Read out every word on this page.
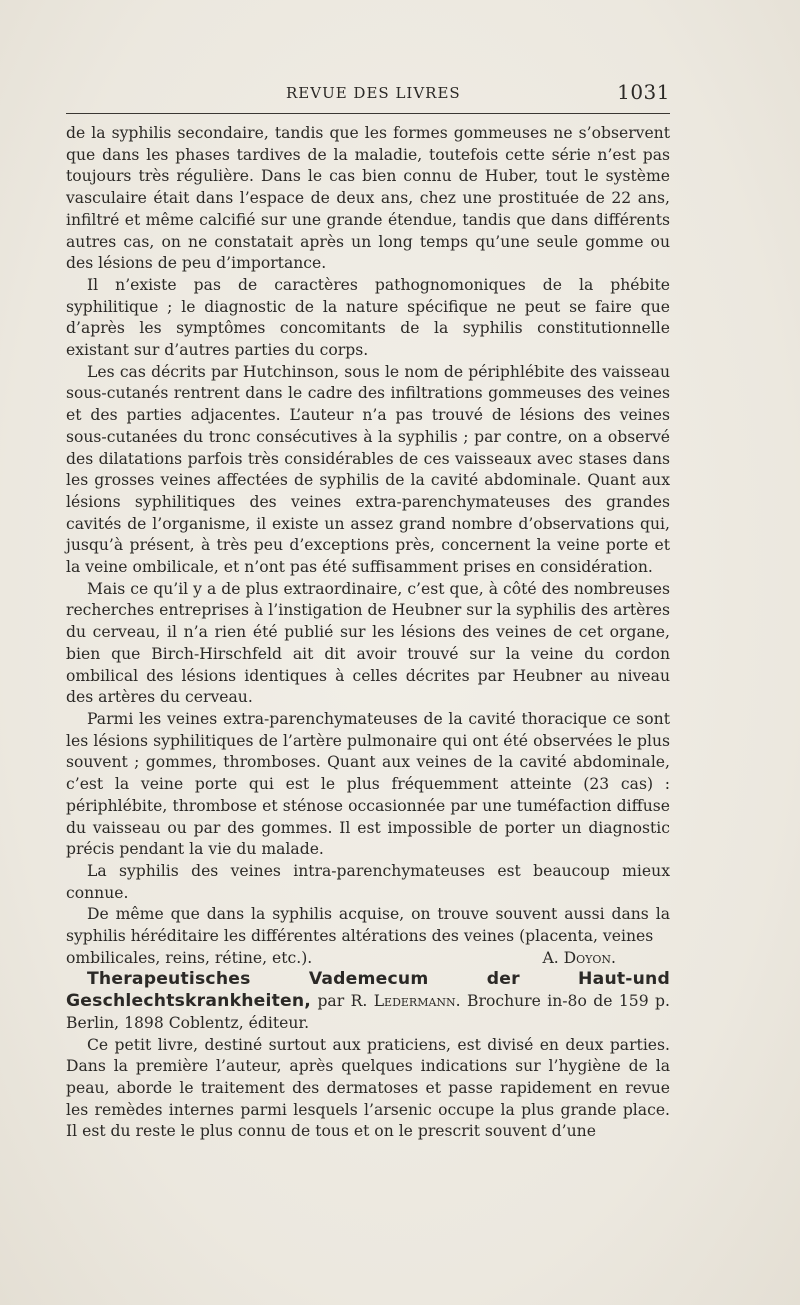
REVUE DES LIVRES	1031

de la syphilis secondaire, tandis que les formes gommeuses ne s’observent que dans les phases tardives de la maladie, toutefois cette série n’est pas toujours très régulière. Dans le cas bien connu de Huber, tout le système vasculaire était dans l’espace de deux ans, chez une prostituée de 22 ans, infiltré et même calcifié sur une grande étendue, tandis que dans différents autres cas, on ne constatait après un long temps qu’une seule gomme ou des lésions de peu d’importance.

Il n’existe pas de caractères pathognomoniques de la phébite syphilitique ; le diagnostic de la nature spécifique ne peut se faire que d’après les symptômes concomitants de la syphilis constitutionnelle existant sur d’autres parties du corps.

Les cas décrits par Hutchinson, sous le nom de périphlébite des vaisseau sous-cutanés rentrent dans le cadre des infiltrations gommeuses des veines et des parties adjacentes. L’auteur n’a pas trouvé de lésions des veines sous-cutanées du tronc consécutives à la syphilis ; par contre, on a observé des dilatations parfois très considérables de ces vaisseaux avec stases dans les grosses veines affectées de syphilis de la cavité abdominale. Quant aux lésions syphilitiques des veines extra-parenchymateuses des grandes cavités de l’organisme, il existe un assez grand nombre d’observations qui, jusqu’à présent, à très peu d’exceptions près, concernent la veine porte et la veine ombilicale, et n’ont pas été suffisamment prises en considération.

Mais ce qu’il y a de plus extraordinaire, c’est que, à côté des nombreuses recherches entreprises à l’instigation de Heubner sur la syphilis des artères du cerveau, il n’a rien été publié sur les lésions des veines de cet organe, bien que Birch-Hirschfeld ait dit avoir trouvé sur la veine du cordon ombilical des lésions identiques à celles décrites par Heubner au niveau des artères du cerveau.

Parmi les veines extra-parenchymateuses de la cavité thoracique ce sont les lésions syphilitiques de l’artère pulmonaire qui ont été observées le plus souvent ; gommes, thromboses. Quant aux veines de la cavité abdominale, c’est la veine porte qui est le plus fréquemment atteinte (23 cas) : périphlébite, thrombose et sténose occasionnée par une tuméfaction diffuse du vaisseau ou par des gommes. Il est impossible de porter un diagnostic précis pendant la vie du malade.

La syphilis des veines intra-parenchymateuses est beaucoup mieux connue.

De même que dans la syphilis acquise, on trouve souvent aussi dans la syphilis héréditaire les différentes altérations des veines (placenta, veines

ombilicales, reins, rétine, etc.).	A. Doyon.

Therapeutisches Vademecum der Haut-und Geschlechtskrankheiten, par R. Ledermann. Brochure in-8o de 159 p. Berlin, 1898 Coblentz, éditeur.

Ce petit livre, destiné surtout aux praticiens, est divisé en deux parties. Dans la première l’auteur, après quelques indications sur l’hygiène de la peau, aborde le traitement des dermatoses et passe rapidement en revue les remèdes internes parmi lesquels l’arsenic occupe la plus grande place. Il est du reste le plus connu de tous et on le prescrit souvent d’une
